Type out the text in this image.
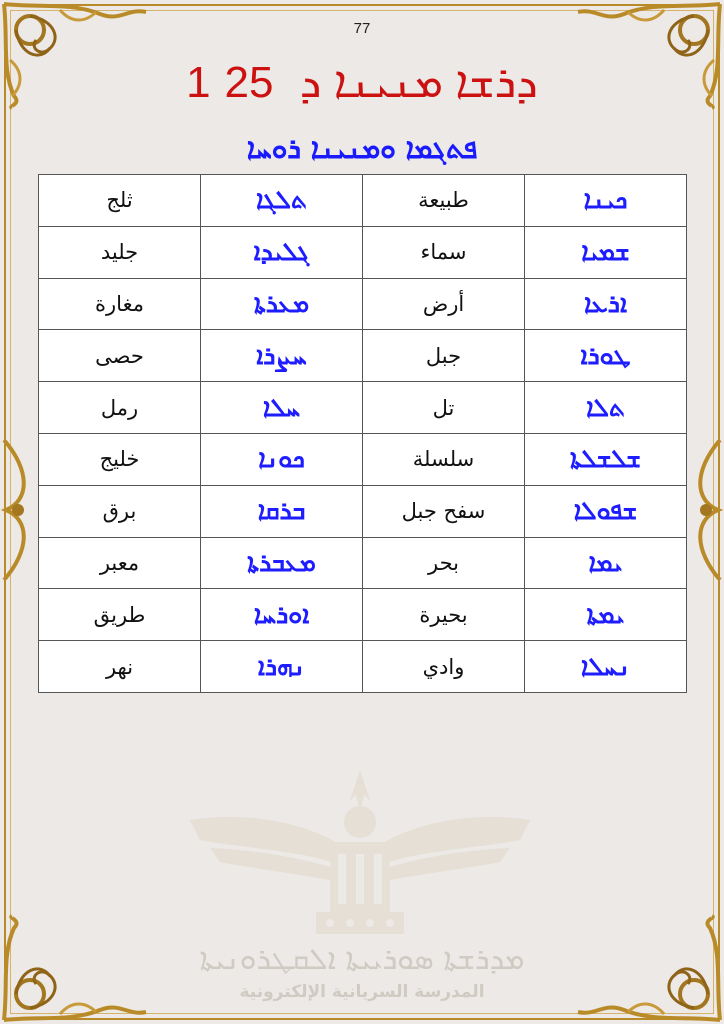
77
1ܕ 25 ܕܪܫܐ ܡܢܝܢܐ
ܦܬܓܡܐ ܘܡܢܝܢܐ ܪܘܚܐ
ثلج	ܬܠܓܐ	طبيعة	ܟܝܢܐ
جليد	ܓܠܝܕܐ	سماء	ܫܡܝܐ
مغارة	ܡܥܪܬܐ	أرض	ܐܪܥܐ
حصى	ܚܨܪܐ	جبل	ܛܘܪܐ
رمل	ܚܠܐ	تل	ܬܠܐ
خليج	ܟܘܢܐ	سلسلة	ܫܠܫܠܬܐ
برق	ܒܪܩܐ	سفح جبل	ܫܦܘܠܐ
معبر	ܡܥܒܪܬܐ	بحر	ܝܡܐ
طريق	ܐܘܪܚܐ	بحيرة	ܝܡܬܐ
نهر	ܢܗܪܐ	وادي	ܢܚܠܐ
ܡܕܪܫܬܐ ܣܘܪܝܝܬܐ ܐܠܩܛܪܘܢܝܬܐ
المدرسة السريانية الإلكترونية
